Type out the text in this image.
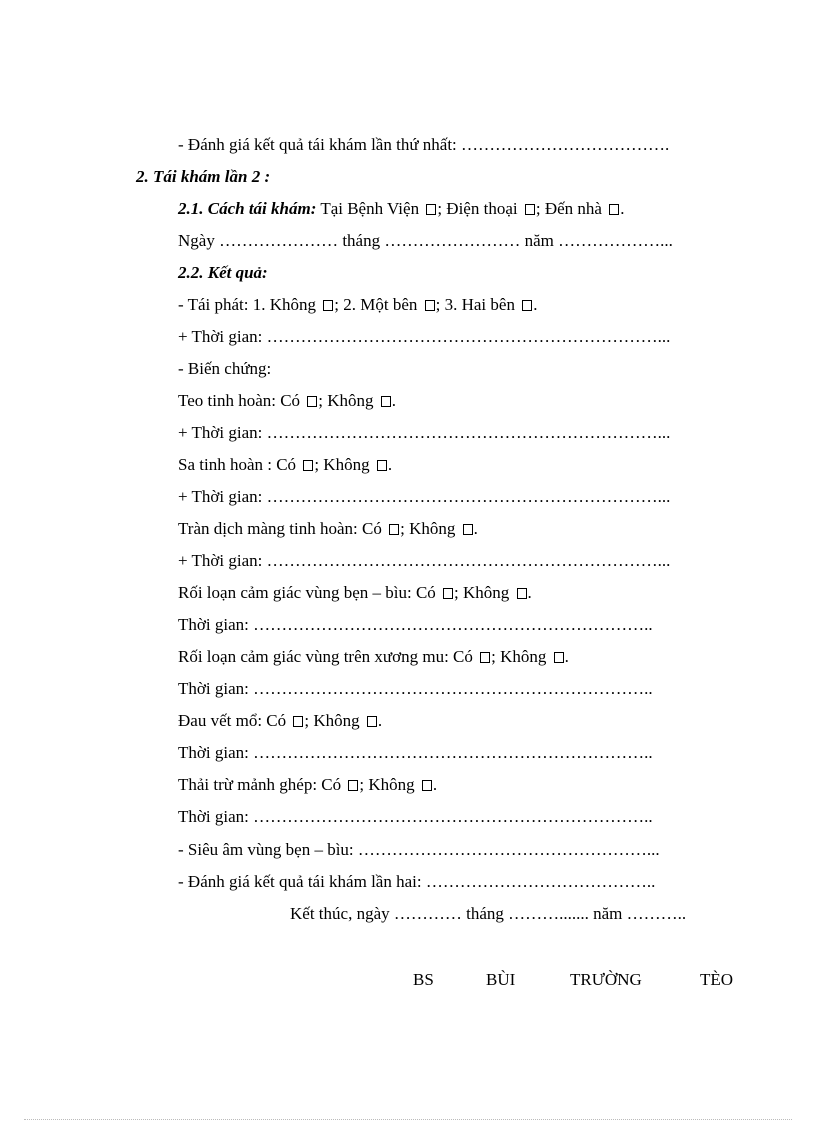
- Đánh giá kết quả tái khám lần thứ nhất: ……………………………….
2. Tái khám lần 2 :
2.1. Cách tái khám: Tại Bệnh Viện ; Điện thoại ; Đến nhà .
Ngày ………………… tháng …………………… năm ………………...
2.2. Kết quả:
- Tái phát: 1. Không ; 2. Một bên ; 3. Hai bên .
+ Thời gian: ……………………………………………………………...
- Biến chứng:
Teo tinh hoàn: Có ; Không .
+ Thời gian: ……………………………………………………………...
Sa tinh hoàn : Có ; Không .
+ Thời gian: ……………………………………………………………...
Tràn dịch màng tinh hoàn: Có ; Không .
+ Thời gian: ……………………………………………………………...
Rối loạn cảm giác vùng bẹn – bìu: Có ; Không .
Thời gian: ……………………………………………………………..
Rối loạn cảm giác vùng trên xương mu: Có ; Không .
Thời gian: ……………………………………………………………..
Đau vết mổ: Có ; Không .
Thời gian: ……………………………………………………………..
Thải trừ mảnh ghép: Có ; Không .
Thời gian: ……………………………………………………………..
- Siêu âm vùng bẹn – bìu: ……………………………………………...
- Đánh giá kết quả tái khám lần hai: …………………………………..
Kết thúc, ngày ………… tháng ………....... năm ………..
BS	BÙI	TRƯỜNG	TÈO
